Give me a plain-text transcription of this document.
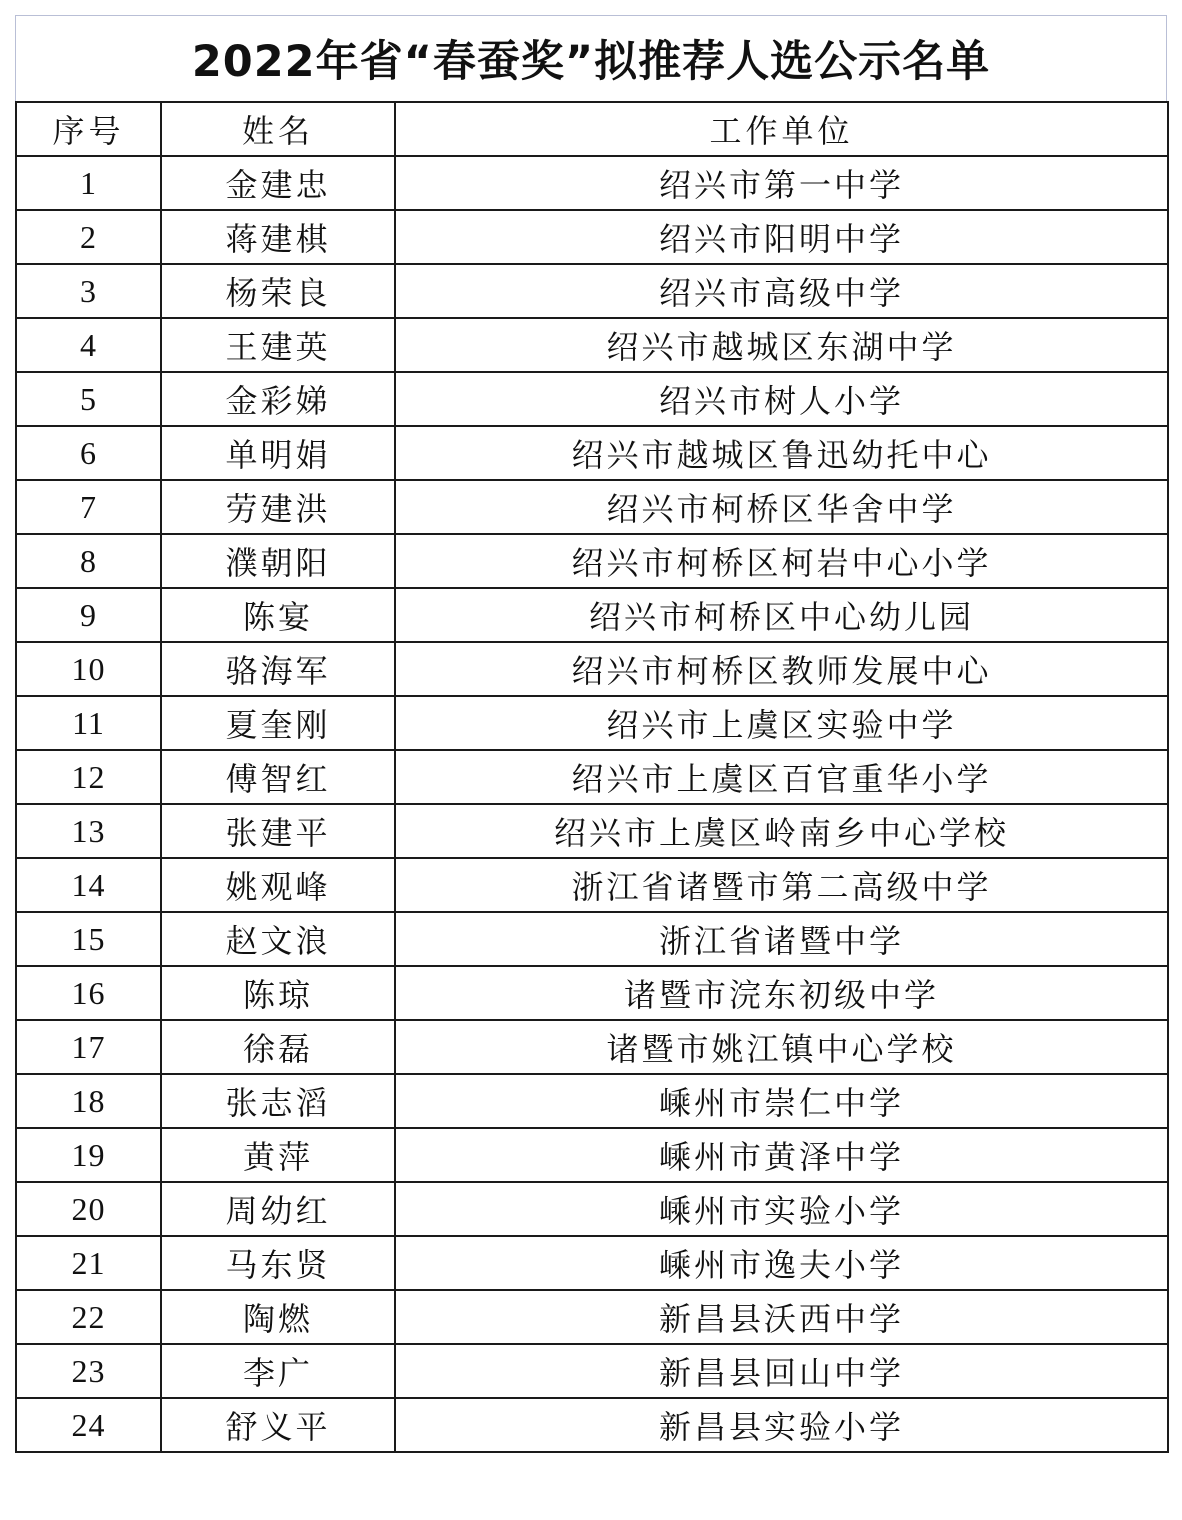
2022年省“春蚕奖”拟推荐人选公示名单
序号	姓名	工作单位
1	金建忠	绍兴市第一中学
2	蒋建棋	绍兴市阳明中学
3	杨荣良	绍兴市高级中学
4	王建英	绍兴市越城区东湖中学
5	金彩娣	绍兴市树人小学
6	单明娟	绍兴市越城区鲁迅幼托中心
7	劳建洪	绍兴市柯桥区华舍中学
8	濮朝阳	绍兴市柯桥区柯岩中心小学
9	陈宴	绍兴市柯桥区中心幼儿园
10	骆海军	绍兴市柯桥区教师发展中心
11	夏奎刚	绍兴市上虞区实验中学
12	傅智红	绍兴市上虞区百官重华小学
13	张建平	绍兴市上虞区岭南乡中心学校
14	姚观峰	浙江省诸暨市第二高级中学
15	赵文浪	浙江省诸暨中学
16	陈琼	诸暨市浣东初级中学
17	徐磊	诸暨市姚江镇中心学校
18	张志滔	嵊州市崇仁中学
19	黄萍	嵊州市黄泽中学
20	周幼红	嵊州市实验小学
21	马东贤	嵊州市逸夫小学
22	陶燃	新昌县沃西中学
23	李广	新昌县回山中学
24	舒义平	新昌县实验小学
